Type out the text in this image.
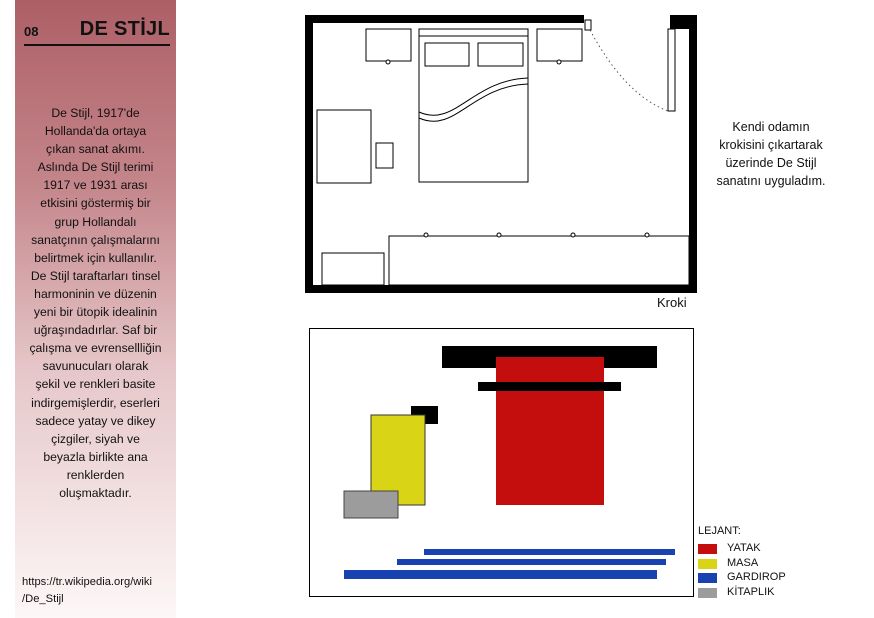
08 DE STİJL
De Stijl, 1917'de
Hollanda'da ortaya
çıkan sanat akımı.
Aslında De Stijl terimi
1917 ve 1931 arası
etkisini göstermiş bir
grup Hollandalı
sanatçının çalışmalarını
belirtmek için kullanılır.
De Stijl taraftarları tinsel
harmoninin ve düzenin
yeni bir ütopik idealinin
uğraşındadırlar. Saf bir
çalışma ve evrensellliğin
savunucuları olarak
şekil ve renkleri basite
indirgemişlerdir, eserleri
sadece yatay ve dikey
çizgiler, siyah ve
beyazla birlikte ana
renklerden
oluşmaktadır.
https://tr.wikipedia.org/wiki
/De_Stijl
Kendi odamın
krokisini çıkartarak
üzerinde De Stijl
sanatını uyguladım.
Kroki
LEJANT:
YATAK
MASA
GARDIROP
KİTAPLIK
